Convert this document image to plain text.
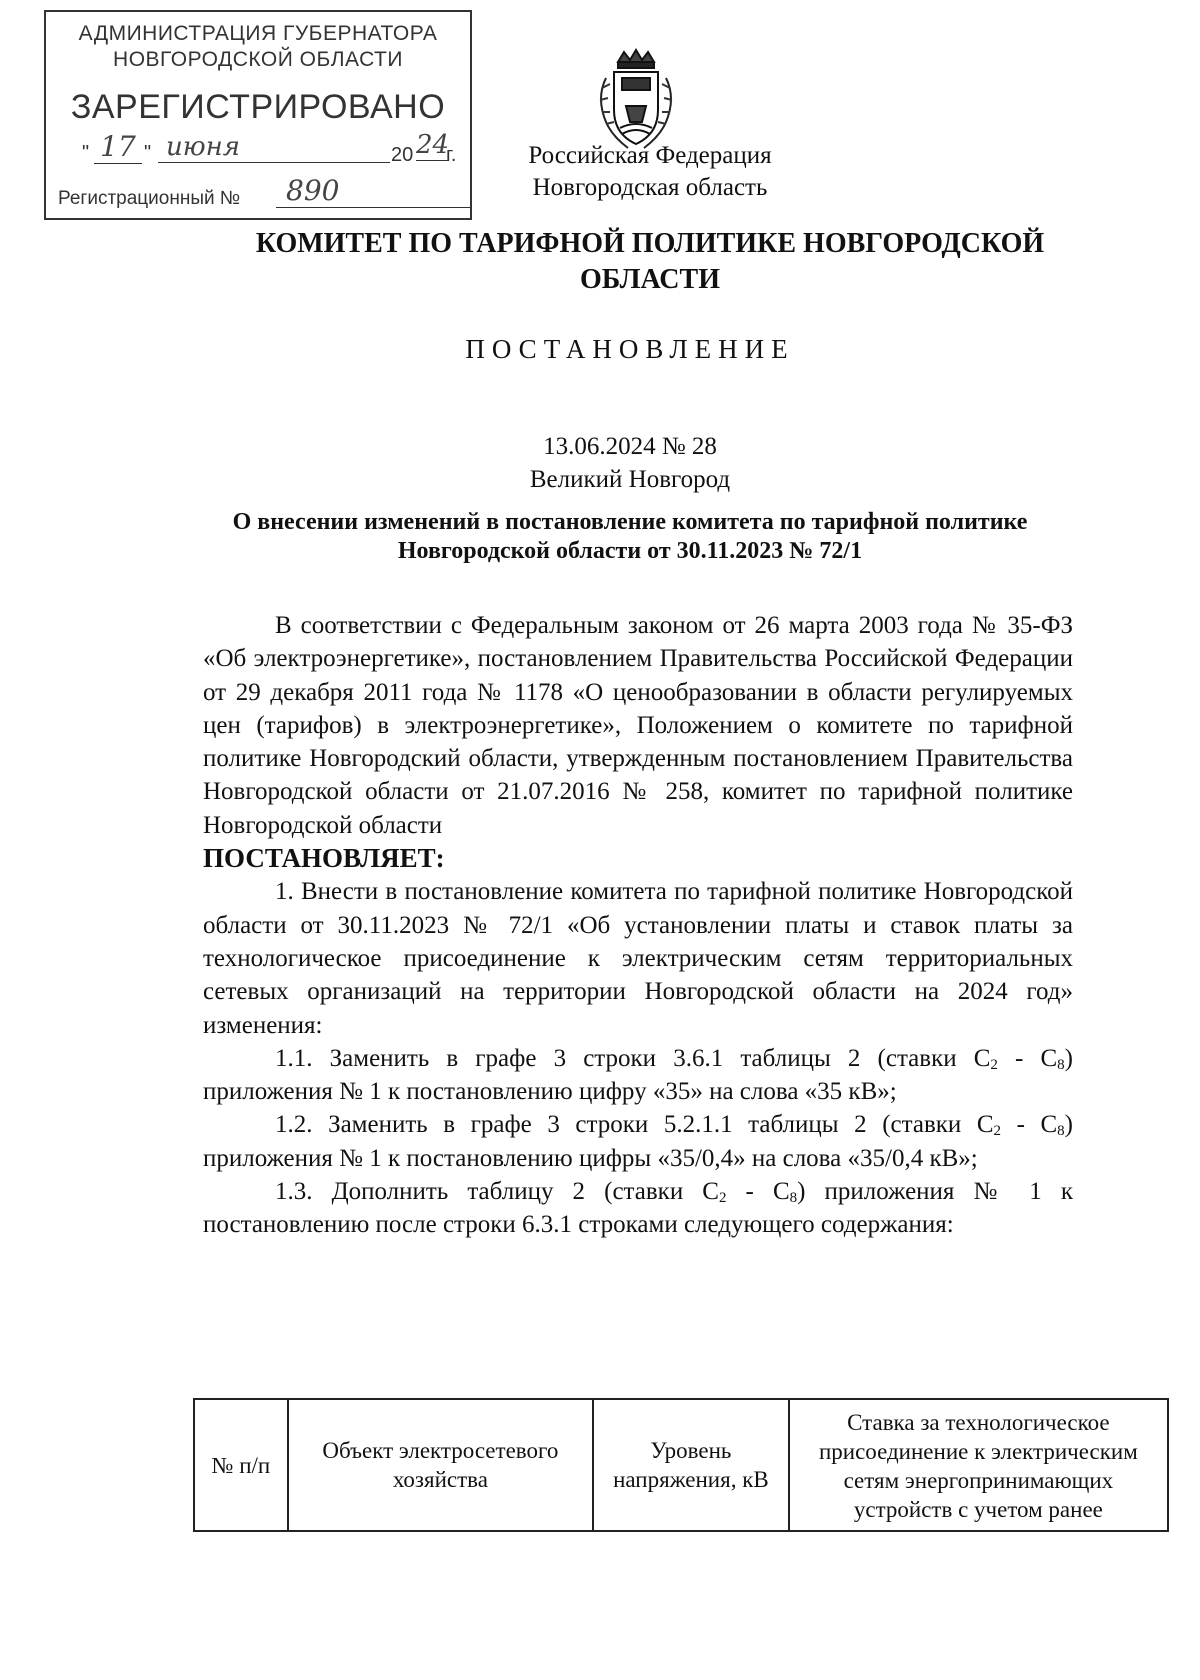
АДМИНИСТРАЦИЯ ГУБЕРНАТОРА
НОВГОРОДСКОЙ ОБЛАСТИ
ЗАРЕГИСТРИРОВАНО
" 17 " июня	20 24
г.
Регистрационный №	890
Российская Федерация
Новгородская область
КОМИТЕТ ПО ТАРИФНОЙ ПОЛИТИКЕ НОВГОРОДСКОЙ ОБЛАСТИ
ПОСТАНОВЛЕНИЕ
13.06.2024 № 28
Великий Новгород
О внесении изменений в постановление комитета по тарифной политике Новгородской области от 30.11.2023 № 72/1

В соответствии с Федеральным законом от 26 марта 2003 года № 35-ФЗ «Об электроэнергетике», постановлением Правительства Российской Федерации от 29 декабря 2011 года № 1178 «О ценообразовании в области регулируемых цен (тарифов) в электроэнергетике», Положением о комитете по тарифной политике Новгородский области, утвержденным постановлением Правительства Новгородской области от 21.07.2016 № 258, комитет по тарифной политике Новгородской области

ПОСТАНОВЛЯЕТ:

1. Внести в постановление комитета по тарифной политике Новгородской области от 30.11.2023 № 72/1 «Об установлении платы и ставок платы за технологическое присоединение к электрическим сетям территориальных сетевых организаций на территории Новгородской области на 2024 год» изменения:

1.1. Заменить в графе 3 строки 3.6.1 таблицы 2 (ставки $С_2 - С_8$) приложения № 1 к постановлению цифру «35» на слова «35 кВ»;

1.2. Заменить в графе 3 строки 5.2.1.1 таблицы 2 (ставки $С_2 - С_8$) приложения № 1 к постановлению цифры «35/0,4» на слова «35/0,4 кВ»;

1.3. Дополнить таблицу 2 (ставки $С_2 - С_8$) приложения № 1 к постановлению после строки 6.3.1 строками следующего содержания:

№ п/п	Объект электросетевого хозяйства	Уровень напряжения, кВ	Ставка за технологическое присоединение к электрическим сетям энергопринимающих устройств с учетом ранее
